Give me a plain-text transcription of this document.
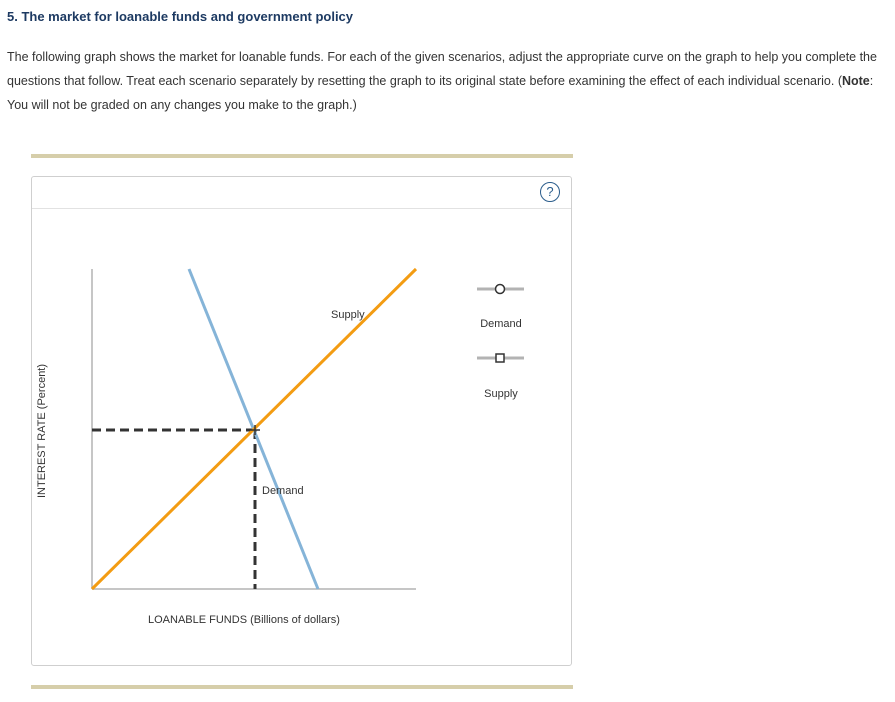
5. The market for loanable funds and government policy

The following graph shows the market for loanable funds. For each of the given scenarios, adjust the appropriate curve on the graph to help you complete the questions that follow. Treat each scenario separately by resetting the graph to its original state before examining the effect of each individual scenario. (Note: You will not be graded on any changes you make to the graph.)

?
INTEREST RATE (Percent)
LOANABLE FUNDS (Billions of dollars)
Supply
Demand
Demand
Supply
